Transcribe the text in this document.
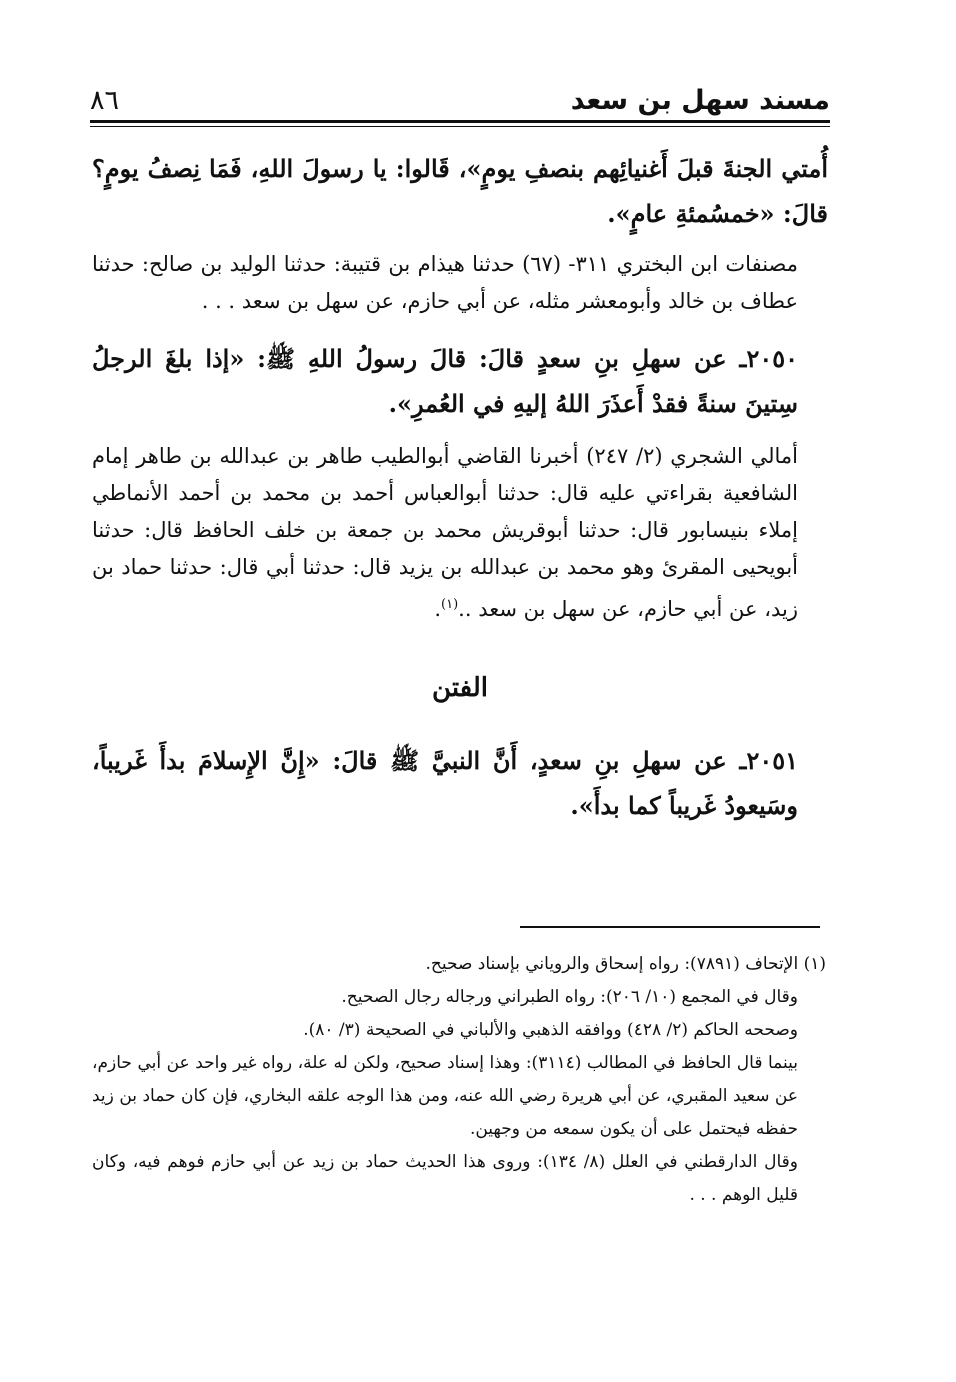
مسند سهل بن سعد
٨٦

أُمتي الجنةَ قبلَ أَغنيائِهم بنصفِ يومٍ»، قَالوا: يا رسولَ اللهِ، فَمَا نِصفُ يومٍ؟ قالَ: «خمسُمئةِ عامٍ».

مصنفات ابن البختري ٣١١- (٦٧) حدثنا هيذام بن قتيبة: حدثنا الوليد بن صالح: حدثنا عطاف بن خالد وأبومعشر مثله، عن أبي حازم، عن سهل بن سعد . . .

٢٠٥٠ـ عن سهلِ بنِ سعدٍ قالَ: قالَ رسولُ اللهِ ﷺ: «إذا بلغَ الرجلُ سِتينَ سنةً فقدْ أَعذَرَ اللهُ إليهِ في العُمرِ».

أمالي الشجري (٢/ ٢٤٧) أخبرنا القاضي أبوالطيب طاهر بن عبدالله بن طاهر إمام الشافعية بقراءتي عليه قال: حدثنا أبوالعباس أحمد بن محمد بن أحمد الأنماطي إملاء بنيسابور قال: حدثنا أبوقريش محمد بن جمعة بن خلف الحافظ قال: حدثنا أبويحيى المقرئ وهو محمد بن عبدالله بن يزيد قال: حدثنا أبي قال: حدثنا حماد بن زيد، عن أبي حازم، عن سهل بن سعد ..$^{(١)}$.

الفتن

٢٠٥١ـ عن سهلِ بنِ سعدٍ، أَنَّ النبيَّ ﷺ قالَ: «إِنَّ الإِسلامَ بدأَ غَريباً، وسَيعودُ غَريباً كما بدأَ».

(١) الإتحاف (٧٨٩١): رواه إسحاق والروياني بإسناد صحيح.

وقال في المجمع (١٠/ ٢٠٦): رواه الطبراني ورجاله رجال الصحيح.

وصححه الحاكم (٢/ ٤٢٨) ووافقه الذهبي والألباني في الصحيحة (٣/ ٨٠).

بينما قال الحافظ في المطالب (٣١١٤): وهذا إسناد صحيح، ولكن له علة، رواه غير واحد عن أبي حازم، عن سعيد المقبري، عن أبي هريرة رضي الله عنه، ومن هذا الوجه علقه البخاري، فإن كان حماد بن زيد حفظه فيحتمل على أن يكون سمعه من وجهين.

وقال الدارقطني في العلل (٨/ ١٣٤): وروى هذا الحديث حماد بن زيد عن أبي حازم فوهم فيه، وكان قليل الوهم . . .
